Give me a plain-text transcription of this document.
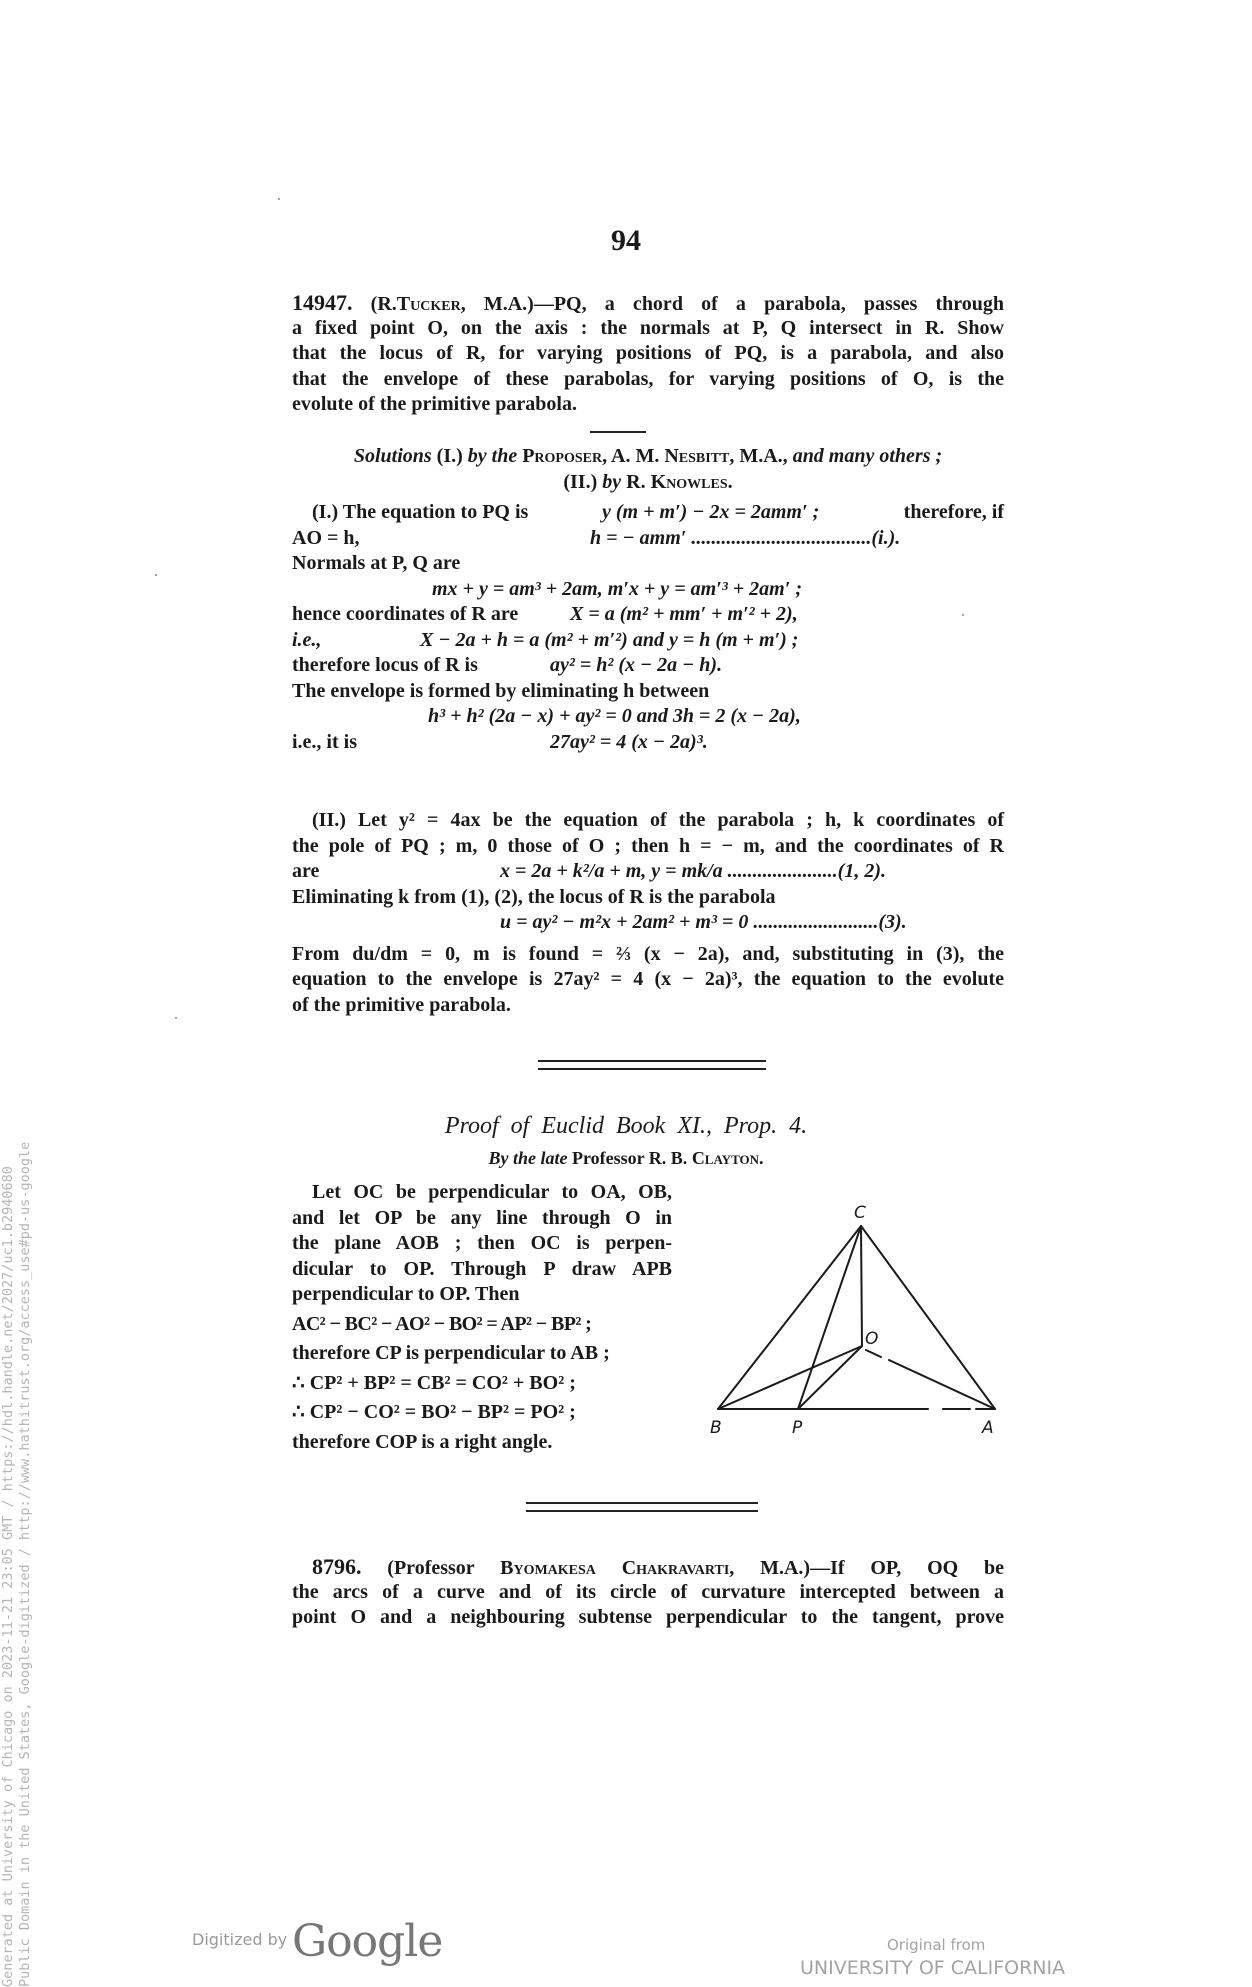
94
14947. (R.Tucker, M.A.)—PQ, a chord of a parabola, passes through
a fixed point O, on the axis : the normals at P, Q intersect in R. Show
that the locus of R, for varying positions of PQ, is a parabola, and also
that the envelope of these parabolas, for varying positions of O, is the
evolute of the primitive parabola.
Solutions (I.) by the Proposer, A. M. Nesbitt, M.A., and many others ;
(II.) by R. Knowles.
(I.) The equation to PQ is	y (m + m′) − 2x = 2amm′ ;	therefore, if
AO = h,	h = − amm′ ....................................(i.).
Normals at P, Q are
mx + y = am³ + 2am, m′x + y = am′³ + 2am′ ;
hence coordinates of R are	X = a (m² + mm′ + m′² + 2),
i.e.,	X − 2a + h = a (m² + m′²) and y = h (m + m′) ;
therefore locus of R is	ay² = h² (x − 2a − h).
The envelope is formed by eliminating h between
h³ + h² (2a − x) + ay² = 0 and 3h = 2 (x − 2a),
i.e., it is	27ay² = 4 (x − 2a)³.
(II.) Let y² = 4ax be the equation of the parabola ; h, k coordinates of
the pole of PQ ; m, 0 those of O ; then h = − m, and the coordinates of R
are	x = 2a + k²/a + m, y = mk/a ......................(1, 2).
Eliminating k from (1), (2), the locus of R is the parabola
u = ay² − m²x + 2am² + m³ = 0 .........................(3).
From du/dm = 0, m is found = ⅔ (x − 2a), and, substituting in (3), the
equation to the envelope is 27ay² = 4 (x − 2a)³, the equation to the evolute
of the primitive parabola.
Proof of Euclid Book XI., Prop. 4.
By the late Professor R. B. Clayton.
Let OC be perpendicular to OA, OB,
and let OP be any line through O in
the plane AOB ; then OC is perpen-
dicular to OP. Through P draw APB
perpendicular to OP. Then
AC² − BC² − AO² − BO² = AP² − BP² ;
therefore CP is perpendicular to AB ;
∴ CP² + BP² = CB² = CO² + BO² ;
∴ CP² − CO² = BO² − BP² = PO² ;
therefore COP is a right angle.
C
O
B	P	A
8796. (Professor Byomakesa Chakravarti, M.A.)—If OP, OQ be
the arcs of a curve and of its circle of curvature intercepted between a
point O and a neighbouring subtense perpendicular to the tangent, prove
Generated at University of Chicago on 2023-11-21 23:05 GMT / https://hdl.handle.net/2027/uc1.b2940680 Public Domain in the United States, Google-digitized / http://www.hathitrust.org/access_use#pd-us-google	Digitized by Google	Original from
UNIVERSITY OF CALIFORNIA
